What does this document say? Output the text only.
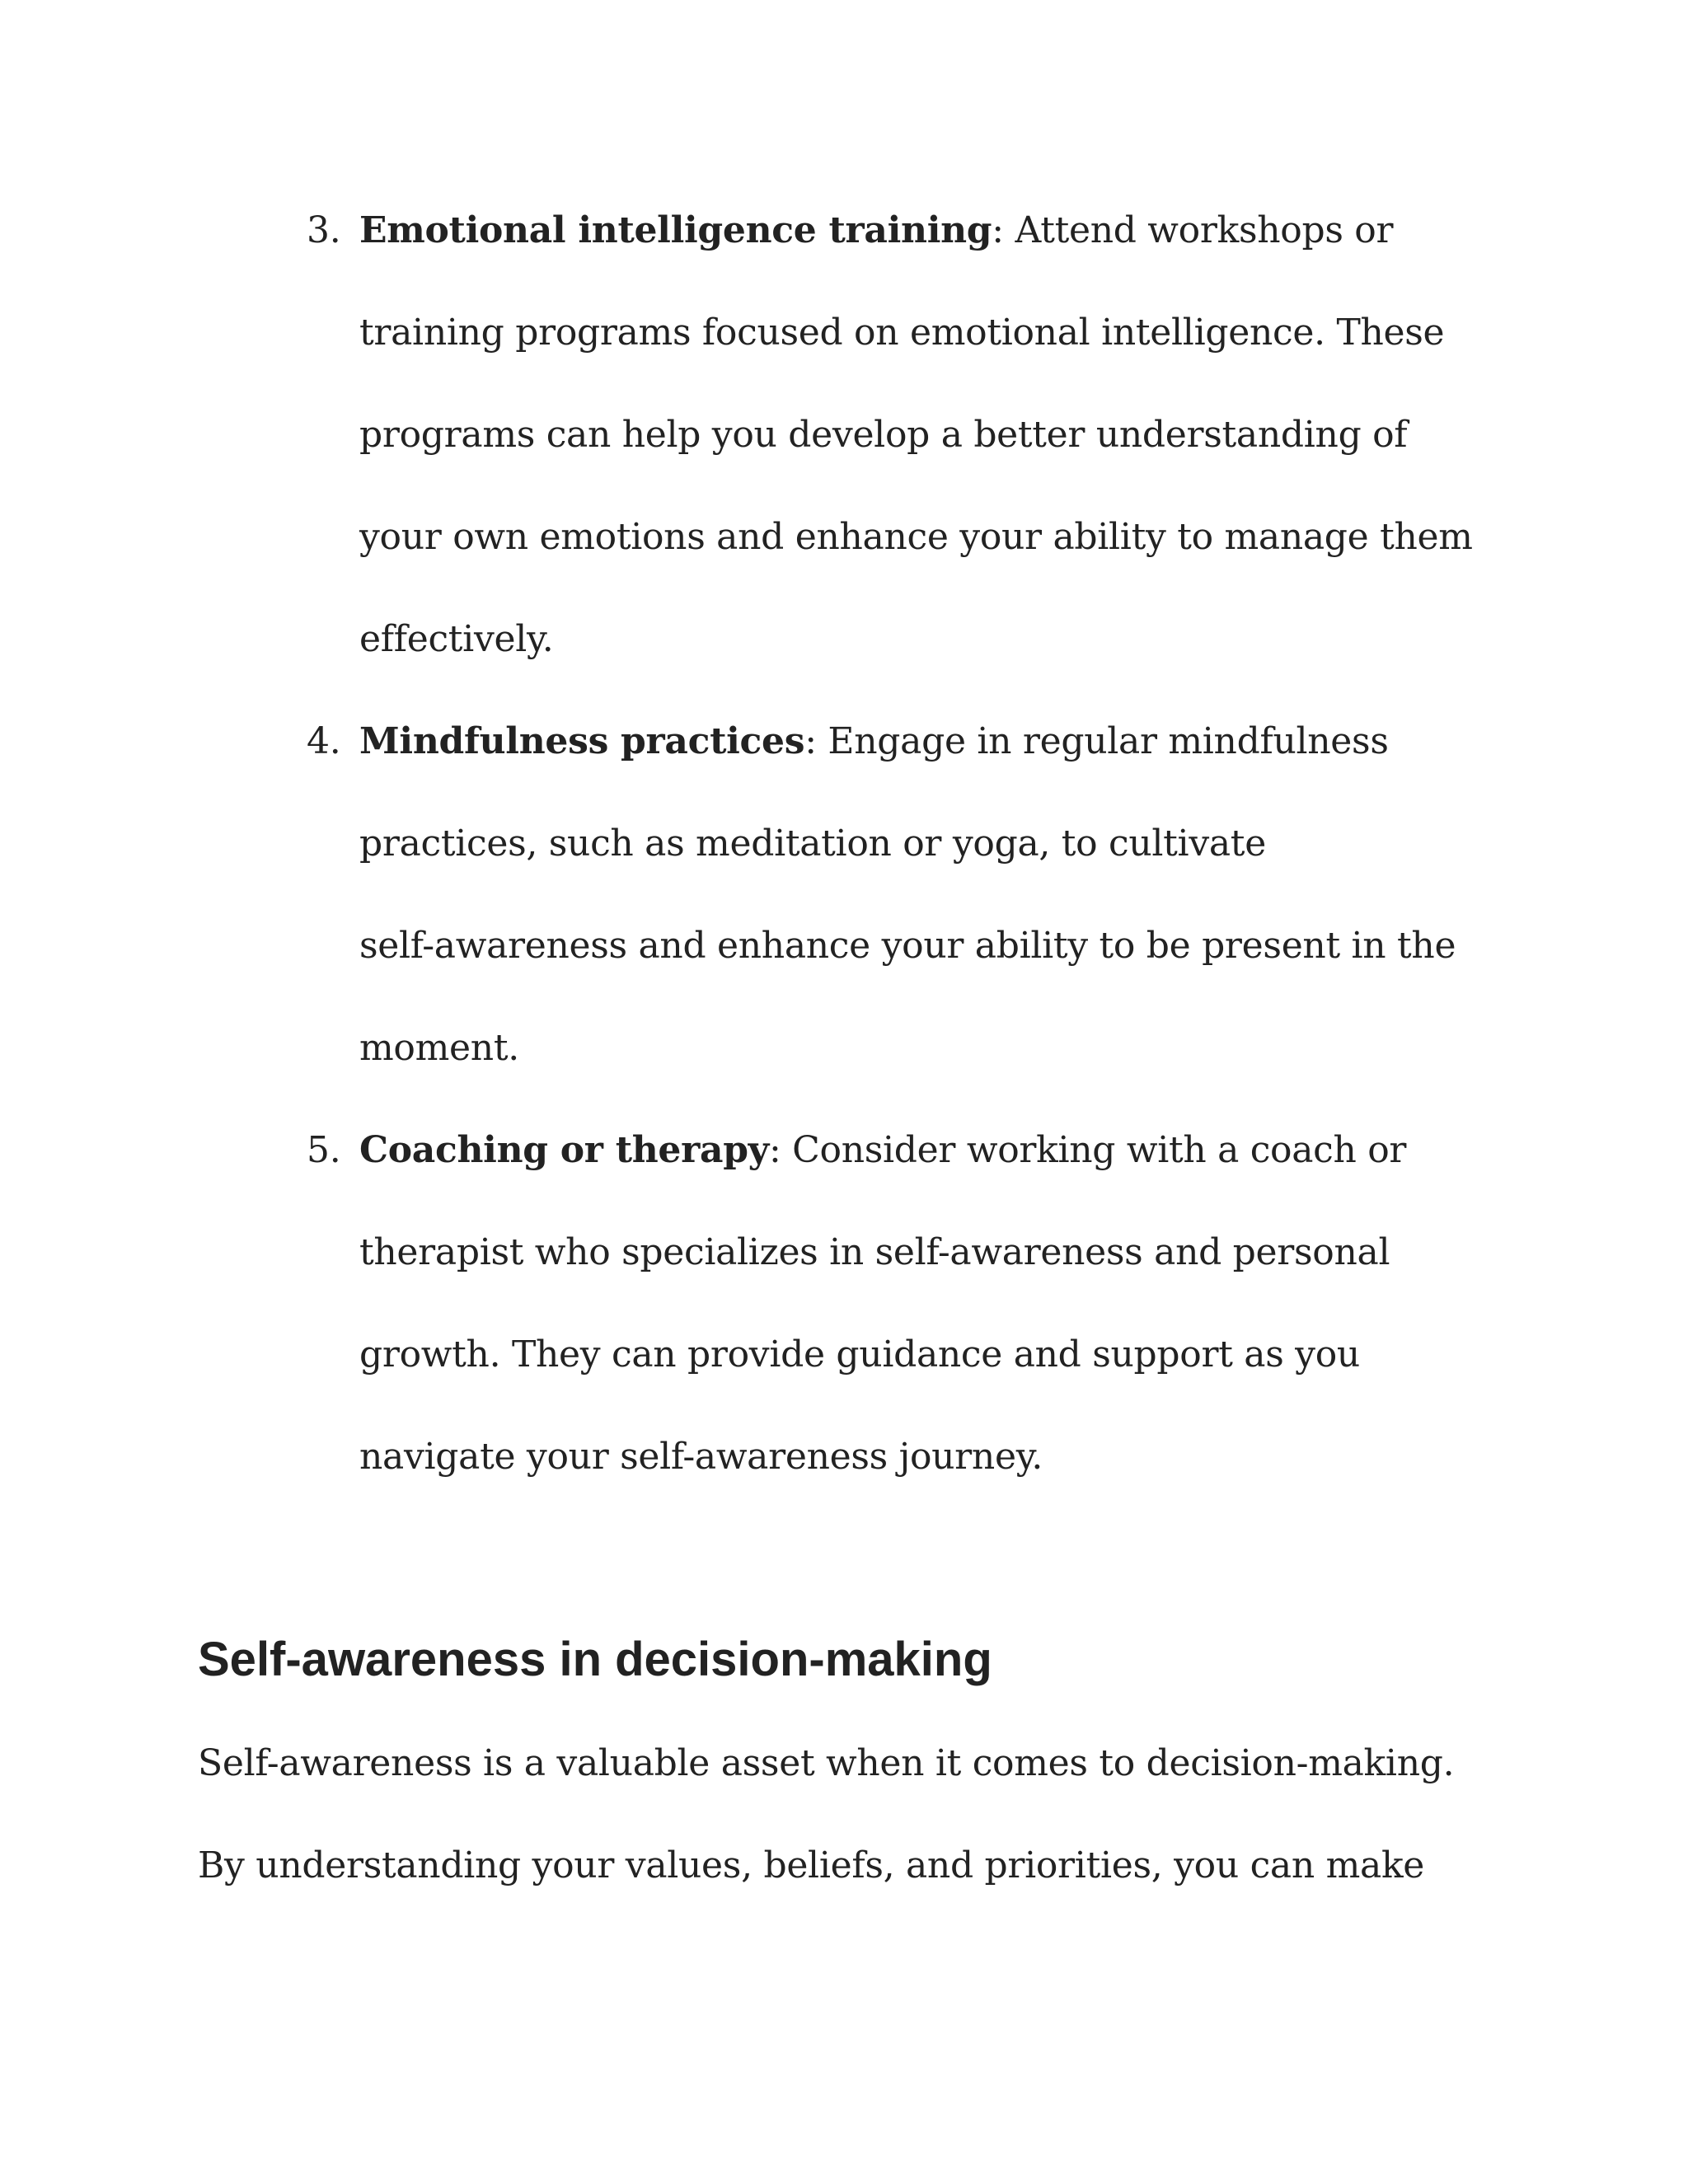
3. Emotional intelligence training: Attend workshops or
training programs focused on emotional intelligence. These
programs can help you develop a better understanding of
your own emotions and enhance your ability to manage them
effectively.
4. Mindfulness practices: Engage in regular mindfulness
practices, such as meditation or yoga, to cultivate
self-awareness and enhance your ability to be present in the
moment.
5. Coaching or therapy: Consider working with a coach or
therapist who specializes in self-awareness and personal
growth. They can provide guidance and support as you
navigate your self-awareness journey.
Self-awareness in decision-making

Self-awareness is a valuable asset when it comes to decision-making.
By understanding your values, beliefs, and priorities, you can make
